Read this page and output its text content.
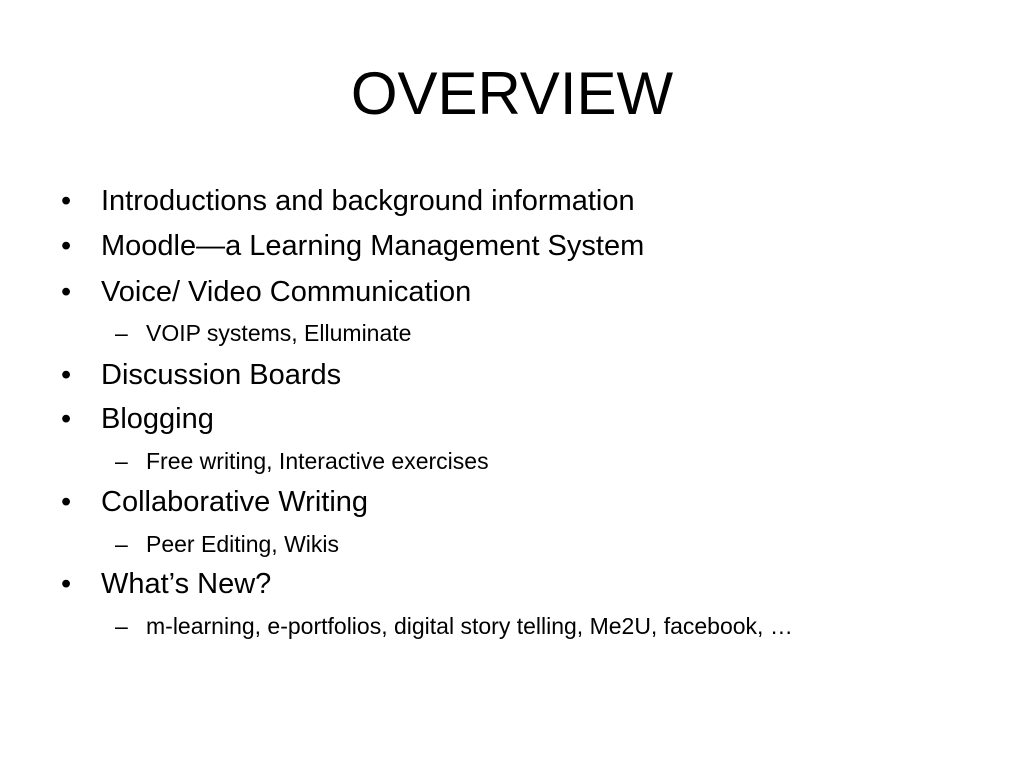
OVERVIEW
• Introductions and background information
• Moodle—a Learning Management System
• Voice/ Video Communication
– VOIP systems, Elluminate
• Discussion Boards
• Blogging
– Free writing, Interactive exercises
• Collaborative Writing
– Peer Editing, Wikis
• What’s New?
– m-learning, e-portfolios, digital story telling, Me2U, facebook, …
